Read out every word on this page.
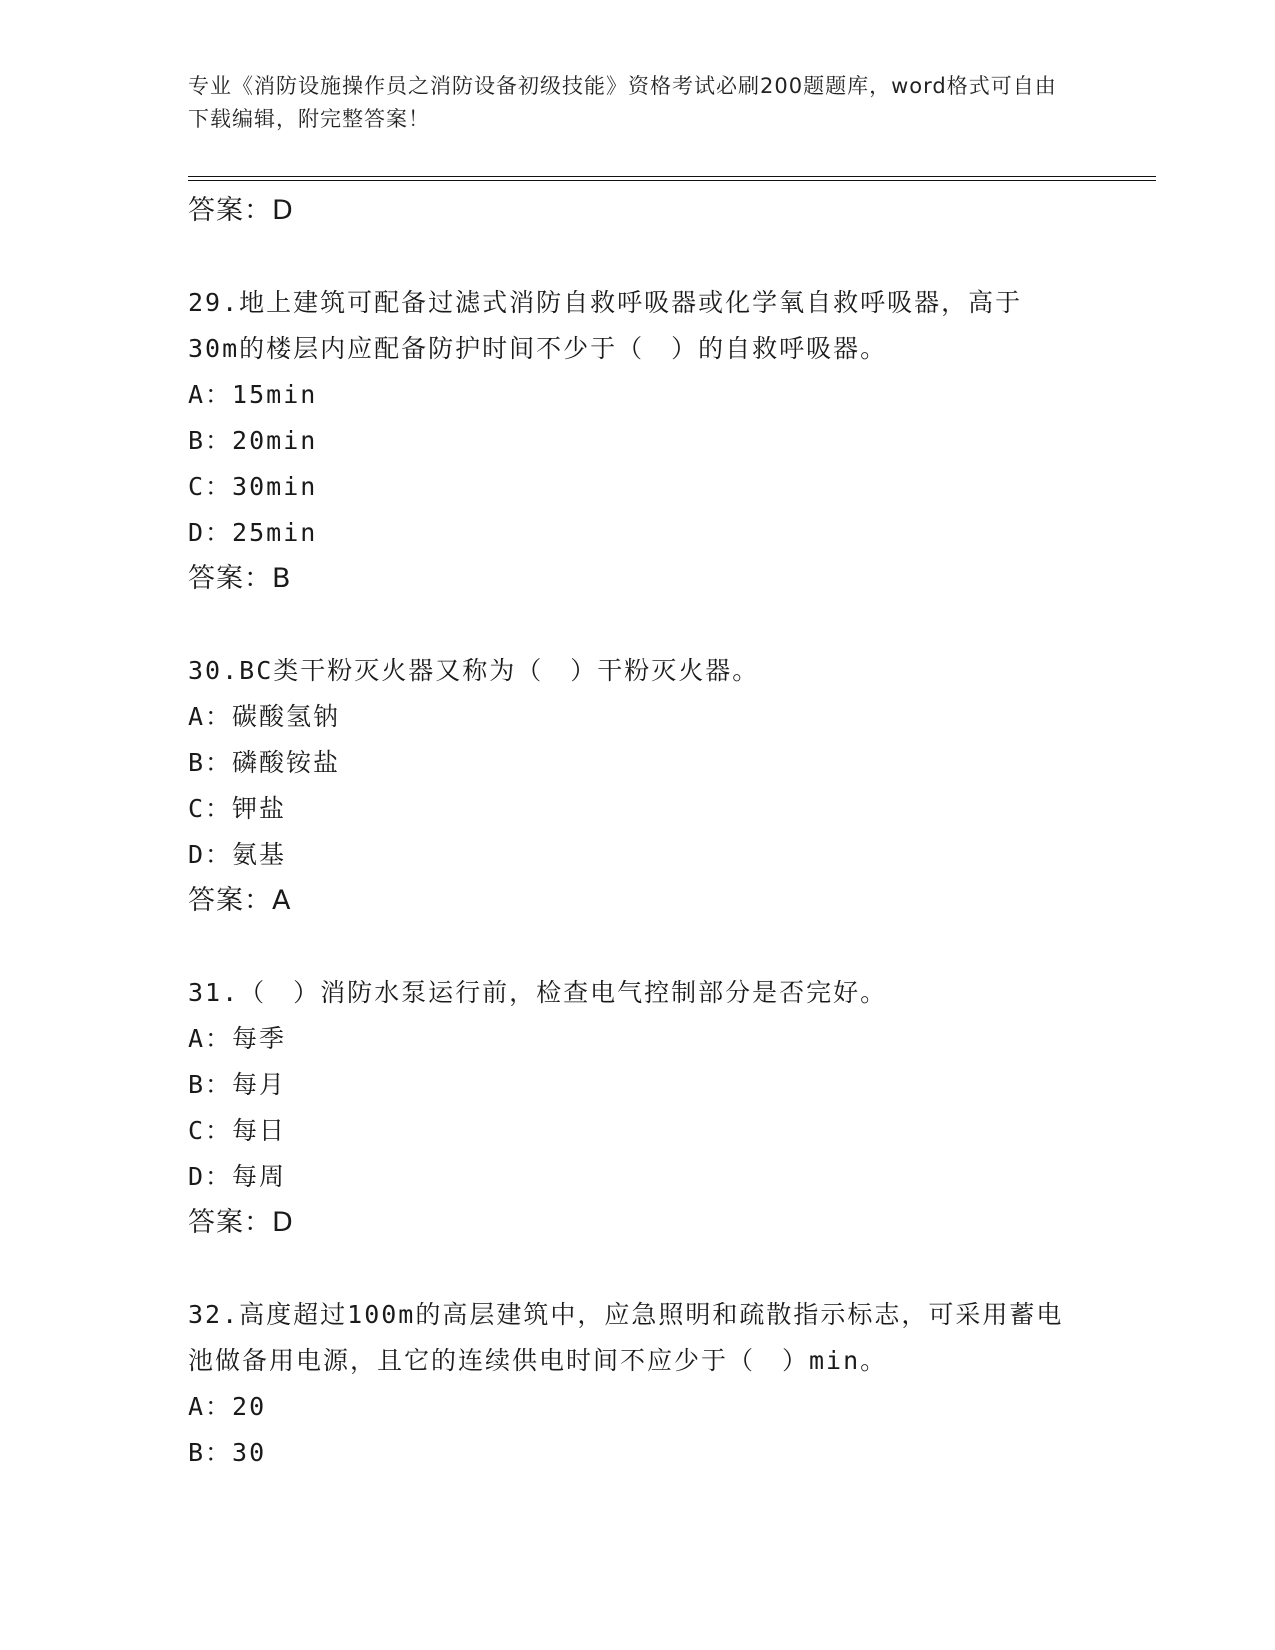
专业《消防设施操作员之消防设备初级技能》资格考试必刷200题题库，word格式可自由下载编辑，附完整答案！
答案：D
29.地上建筑可配备过滤式消防自救呼吸器或化学氧自救呼吸器，高于30m的楼层内应配备防护时间不少于（　）的自救呼吸器。
A：15min
B：20min
C：30min
D：25min
答案：B
30.BC类干粉灭火器又称为（　）干粉灭火器。
A：碳酸氢钠
B：磷酸铵盐
C：钾盐
D：氨基
答案：A
31.（　）消防水泵运行前，检查电气控制部分是否完好。
A：每季
B：每月
C：每日
D：每周
答案：D
32.高度超过100m的高层建筑中，应急照明和疏散指示标志，可采用蓄电池做备用电源，且它的连续供电时间不应少于（　）min。
A：20
B：30
